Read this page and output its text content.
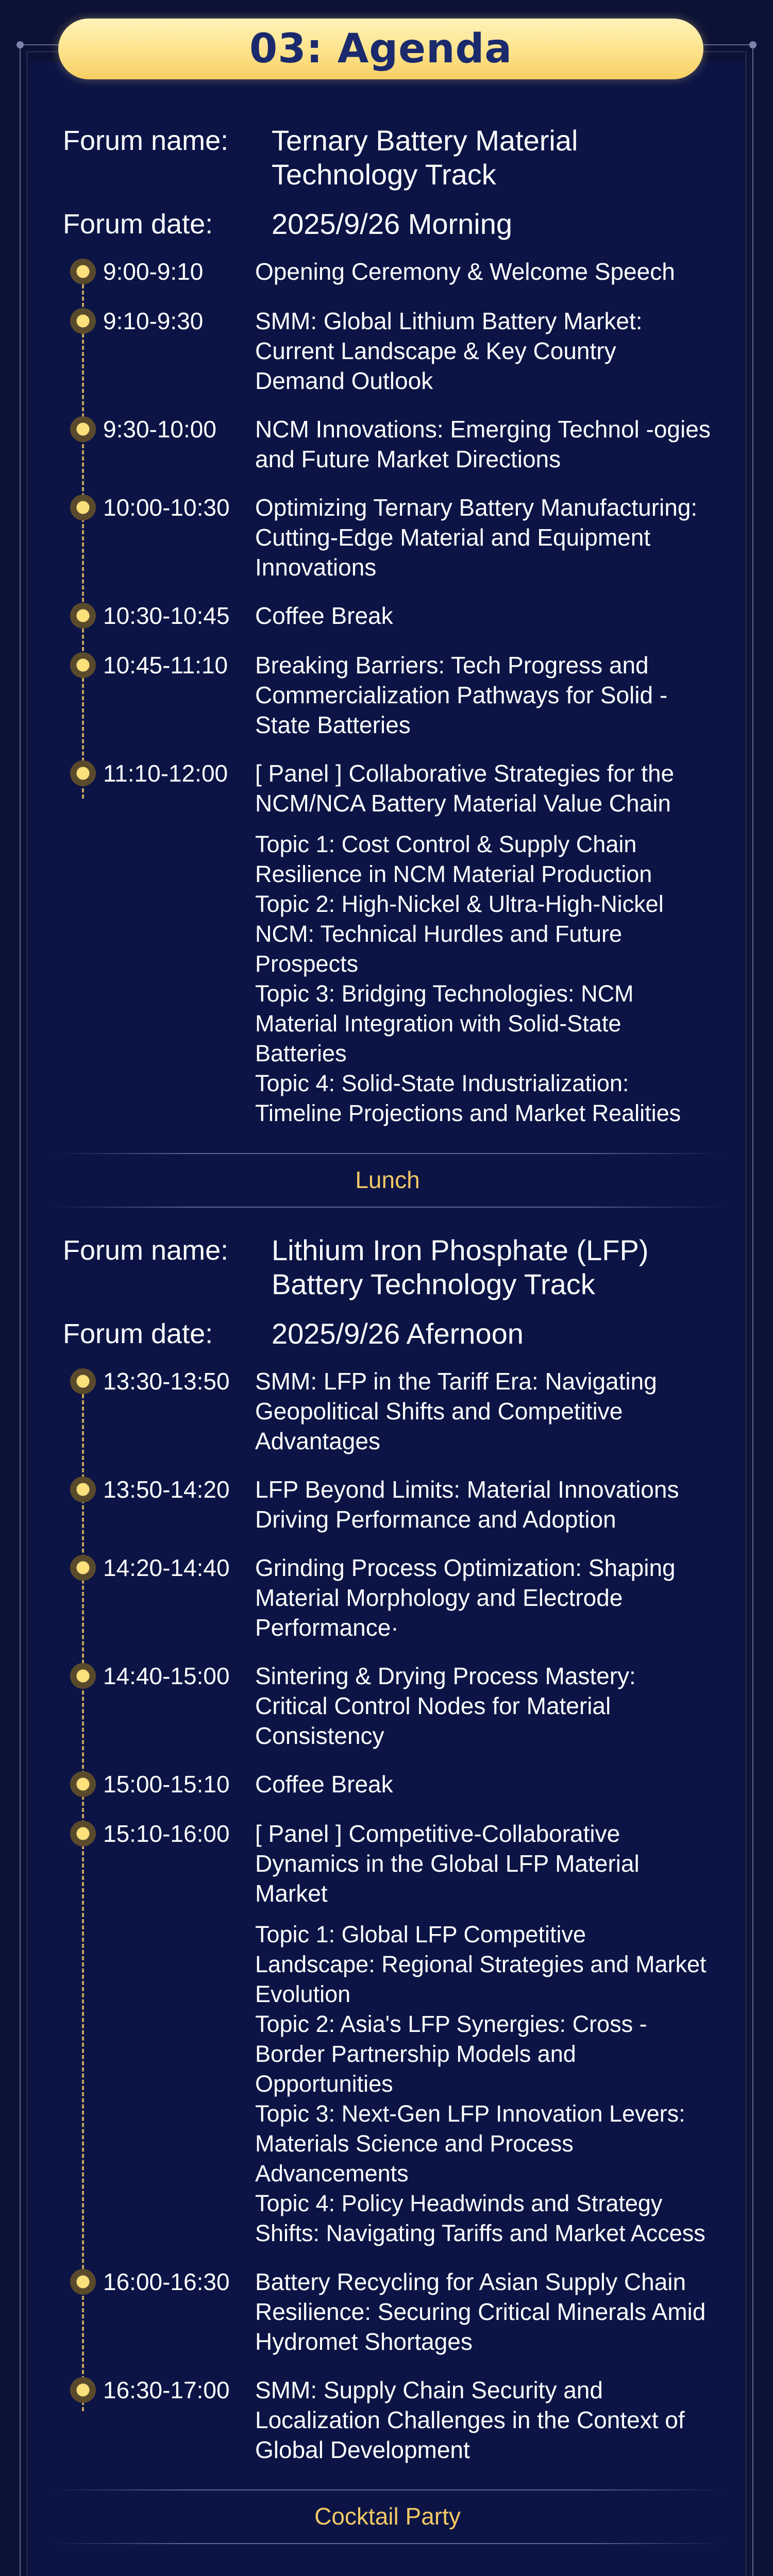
03: Agenda
Forum name:	Ternary Battery Material Technology Track
Forum date:	2025/9/26 Morning
9:00-9:10	Opening Ceremony & Welcome Speech
9:10-9:30	SMM: Global Lithium Battery Market: Current Landscape & Key Country Demand Outlook
9:30-10:00	NCM Innovations: Emerging Technol -ogies and Future Market Directions
10:00-10:30	Optimizing Ternary Battery Manufacturing: Cutting-Edge Material and Equipment Innovations
10:30-10:45	Coffee Break
10:45-11:10	Breaking Barriers: Tech Progress and Commercialization Pathways for Solid -State Batteries
11:10-12:00	[ Panel ] Collaborative Strategies for the NCM/NCA Battery Material Value Chain

Topic 1: Cost Control & Supply Chain Resilience in NCM Material Production

Topic 2: High-Nickel & Ultra-High-Nickel NCM: Technical Hurdles and Future Prospects

Topic 3: Bridging Technologies: NCM Material Integration with Solid-State Batteries

Topic 4: Solid-State Industrialization: Timeline Projections and Market Realities

Lunch
Forum name:	Lithium Iron Phosphate (LFP) Battery Technology Track
Forum date:	2025/9/26 Afernoon
13:30-13:50	SMM: LFP in the Tariff Era: Navigating Geopolitical Shifts and Competitive Advantages
13:50-14:20	LFP Beyond Limits: Material Innovations Driving Performance and Adoption
14:20-14:40	Grinding Process Optimization: Shaping Material Morphology and Electrode Performance·
14:40-15:00	Sintering & Drying Process Mastery: Critical Control Nodes for Material Consistency
15:00-15:10	Coffee Break
15:10-16:00	[ Panel ] Competitive-Collaborative Dynamics in the Global LFP Material Market

Topic 1: Global LFP Competitive Landscape: Regional Strategies and Market Evolution

Topic 2: Asia's LFP Synergies: Cross -Border Partnership Models and Opportunities

Topic 3: Next-Gen LFP Innovation Levers: Materials Science and Process Advancements

Topic 4: Policy Headwinds and Strategy Shifts: Navigating Tariffs and Market Access

16:00-16:30	Battery Recycling for Asian Supply Chain Resilience: Securing Critical Minerals Amid Hydromet Shortages
16:30-17:00	SMM: Supply Chain Security and Localization Challenges in the Context of Global Development
Cocktail Party
